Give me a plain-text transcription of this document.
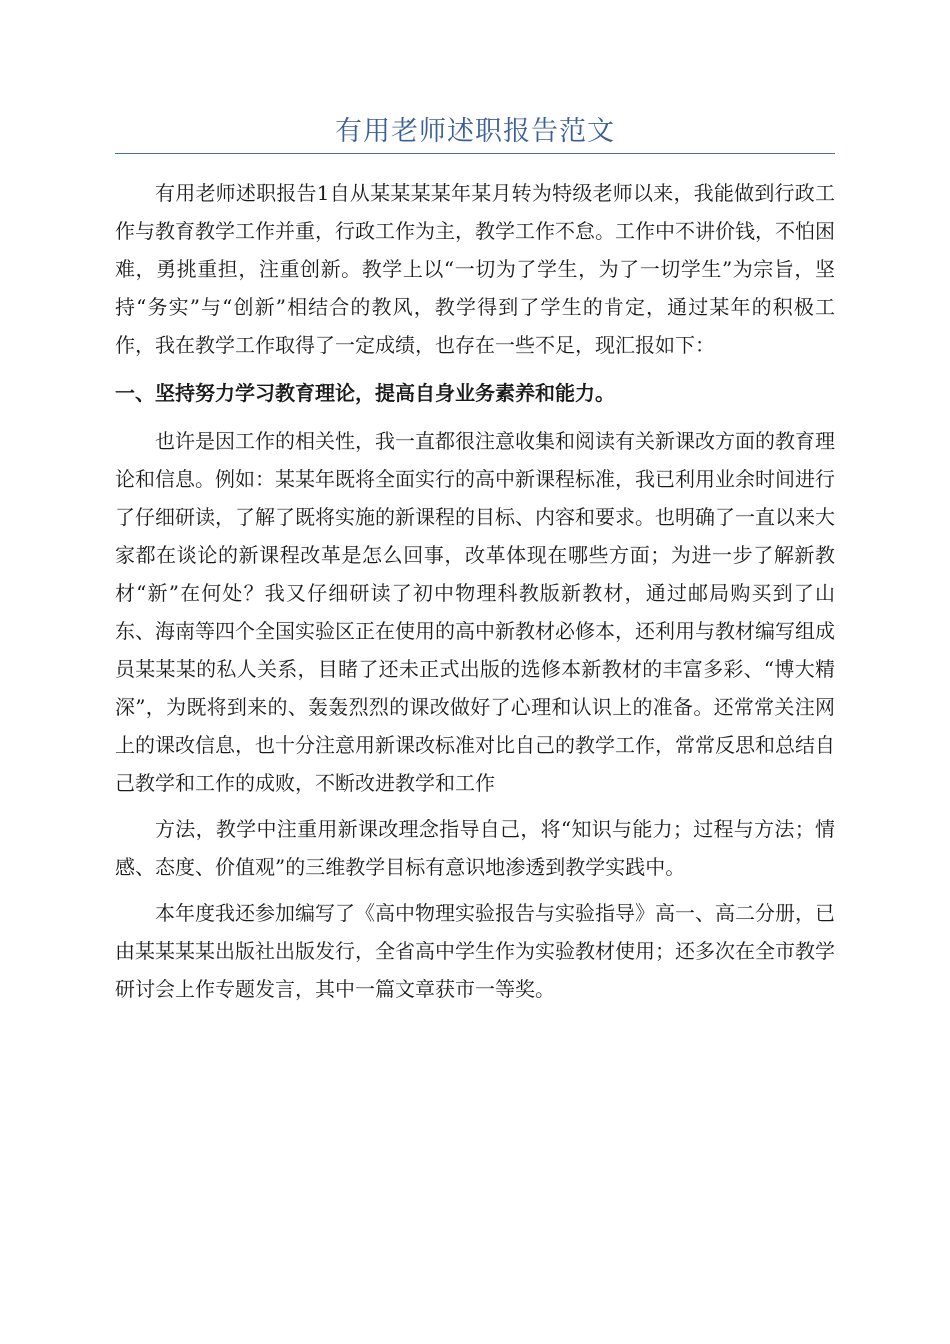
有用老师述职报告范文

有用老师述职报告1自从某某某某年某月转为特级老师以来，我能做到行政工作与教育教学工作并重，行政工作为主，教学工作不怠。工作中不讲价钱，不怕困难，勇挑重担，注重创新。教学上以“一切为了学生，为了一切学生”为宗旨，坚持“务实”与“创新”相结合的教风，教学得到了学生的肯定，通过某年的积极工作，我在教学工作取得了一定成绩，也存在一些不足，现汇报如下：

一、坚持努力学习教育理论，提高自身业务素养和能力。

也许是因工作的相关性，我一直都很注意收集和阅读有关新课改方面的教育理论和信息。例如：某某年既将全面实行的高中新课程标准，我已利用业余时间进行了仔细研读，了解了既将实施的新课程的目标、内容和要求。也明确了一直以来大家都在谈论的新课程改革是怎么回事，改革体现在哪些方面；为进一步了解新教材“新”在何处？我又仔细研读了初中物理科教版新教材，通过邮局购买到了山东、海南等四个全国实验区正在使用的高中新教材必修本，还利用与教材编写组成员某某某的私人关系，目睹了还未正式出版的选修本新教材的丰富多彩、“博大精深”，为既将到来的、轰轰烈烈的课改做好了心理和认识上的准备。还常常关注网上的课改信息，也十分注意用新课改标准对比自己的教学工作，常常反思和总结自己教学和工作的成败，不断改进教学和工作

方法，教学中注重用新课改理念指导自己，将“知识与能力；过程与方法；情感、态度、价值观”的三维教学目标有意识地渗透到教学实践中。

本年度我还参加编写了《高中物理实验报告与实验指导》高一、高二分册，已由某某某某出版社出版发行，全省高中学生作为实验教材使用；还多次在全市教学研讨会上作专题发言，其中一篇文章获市一等奖。
